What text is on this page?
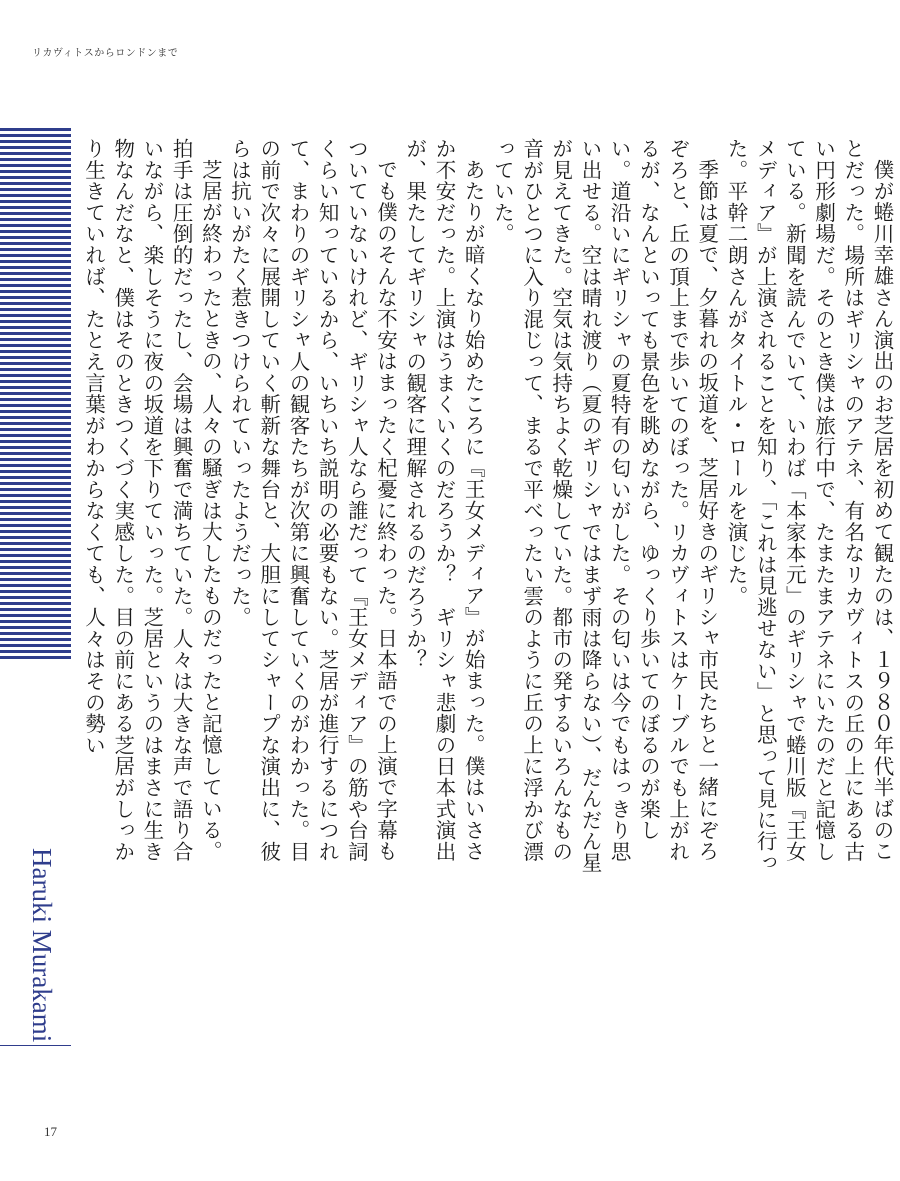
リカヴィトスからロンドンまで

僕が蜷川幸雄さん演出のお芝居を初めて観たのは、１９８０年代半ばのことだった。場所はギリシャのアテネ、有名なリカヴィトスの丘の上にある古い円形劇場だ。そのとき僕は旅行中で、たまたまアテネにいたのだと記憶している。新聞を読んでいて、いわば「本家本元」のギリシャで蜷川版『王女メディア』が上演されることを知り、「これは見逃せない」と思って見に行った。平幹二朗さんがタイトル・ロールを演じた。

季節は夏で、夕暮れの坂道を、芝居好きのギリシャ市民たちと一緒にぞろぞろと、丘の頂上まで歩いてのぼった。リカヴィトスはケーブルでも上がれるが、なんといっても景色を眺めながら、ゆっくり歩いてのぼるのが楽しい。道沿いにギリシャの夏特有の匂いがした。その匂いは今でもはっきり思い出せる。空は晴れ渡り（夏のギリシャではまず雨は降らない）、だんだん星が見えてきた。空気は気持ちよく乾燥していた。都市の発するいろんなもの音がひとつに入り混じって、まるで平べったい雲のように丘の上に浮かび漂っていた。

あたりが暗くなり始めたころに『王女メディア』が始まった。僕はいささか不安だった。上演はうまくいくのだろうか？　ギリシャ悲劇の日本式演出が、果たしてギリシャの観客に理解されるのだろうか？

でも僕のそんな不安はまったく杞憂に終わった。日本語での上演で字幕もついていないけれど、ギリシャ人なら誰だって『王女メディア』の筋や台詞くらい知っているから、いちいち説明の必要もない。芝居が進行するにつれて、まわりのギリシャ人の観客たちが次第に興奮していくのがわかった。目の前で次々に展開していく斬新な舞台と、大胆にしてシャープな演出に、彼らは抗いがたく惹きつけられていったようだった。

芝居が終わったときの、人々の騒ぎは大したものだったと記憶している。拍手は圧倒的だったし、会場は興奮で満ちていた。人々は大きな声で語り合いながら、楽しそうに夜の坂道を下りていった。芝居というのはまさに生き物なんだなと、僕はそのときつくづく実感した。目の前にある芝居がしっかり生きていれば、たとえ言葉がわからなくても、人々はその勢い

Haruki Murakami
17
